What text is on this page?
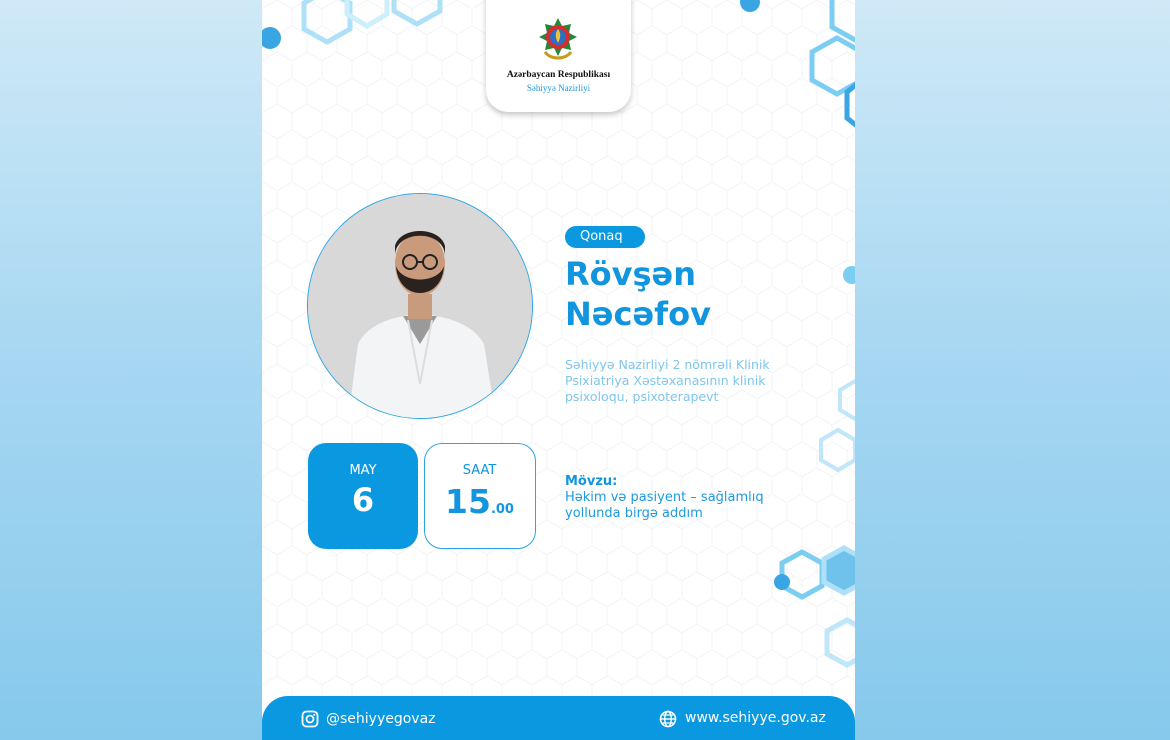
Azərbaycan Respublikası
Səhiyyə Nazirliyi
Qonaq
Rövşən
Nəcəfov
Səhiyyə Nazirliyi 2 nömrəli Klinik Psixiatriya Xəstəxanasının klinik psixoloqu, psixoterapevt
MAY
6
SAAT
15.00
Mövzu:
Həkim və pasiyent – sağlamlıq yollunda birgə addım
@sehiyyegovaz	www.sehiyye.gov.az
